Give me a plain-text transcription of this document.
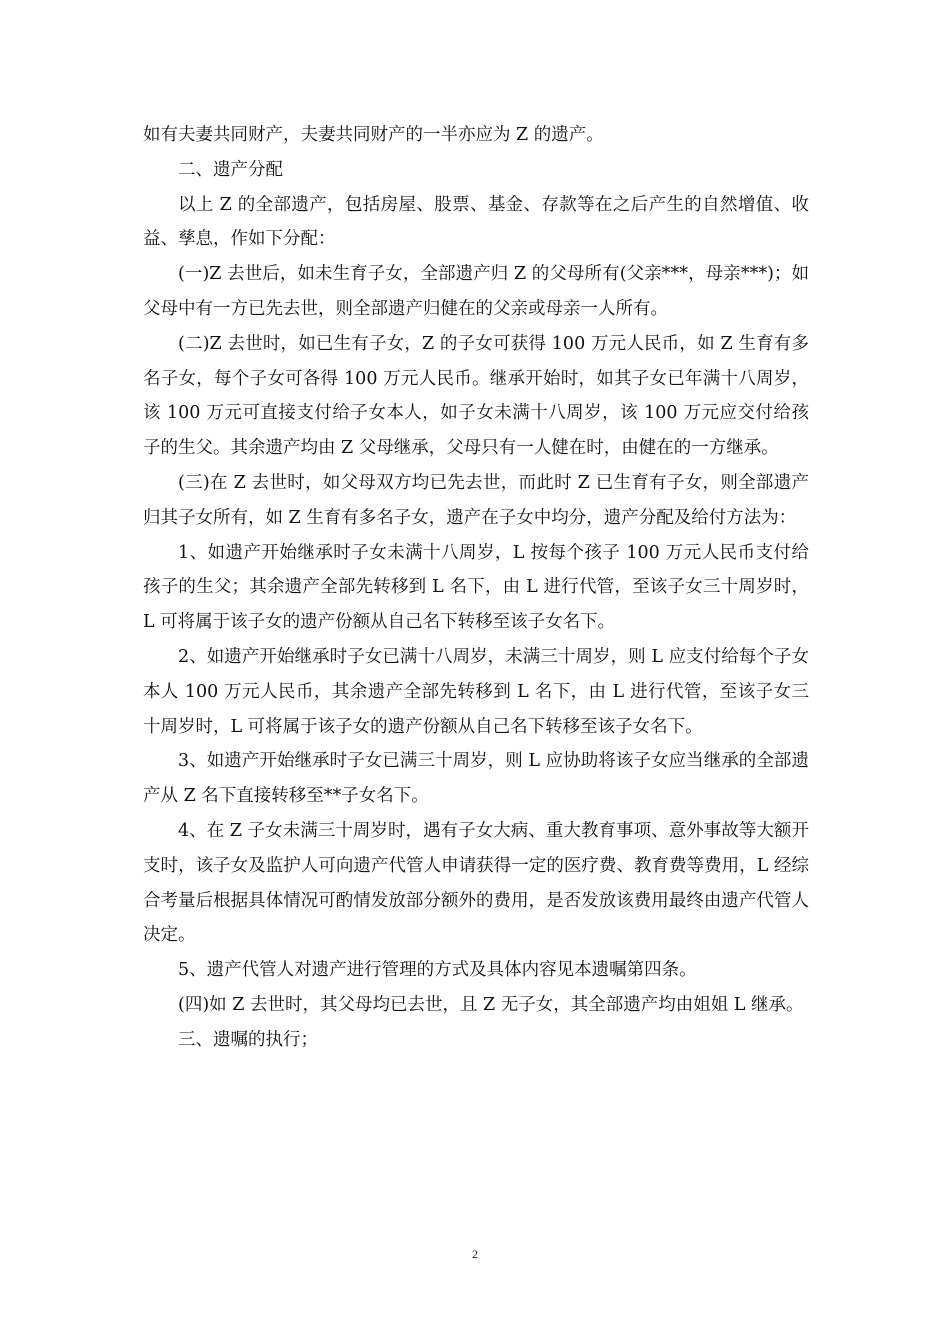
如有夫妻共同财产，夫妻共同财产的一半亦应为 Z 的遗产。

二、遗产分配

以上 Z 的全部遗产，包括房屋、股票、基金、存款等在之后产生的自然增值、收益、孳息，作如下分配：

(一)Z 去世后，如未生育子女，全部遗产归 Z 的父母所有(父亲***，母亲***)；如父母中有一方已先去世，则全部遗产归健在的父亲或母亲一人所有。

(二)Z 去世时，如已生有子女，Z 的子女可获得 100 万元人民币，如 Z 生育有多名子女，每个子女可各得 100 万元人民币。继承开始时，如其子女已年满十八周岁，该 100 万元可直接支付给子女本人，如子女未满十八周岁，该 100 万元应交付给孩子的生父。其余遗产均由 Z 父母继承，父母只有一人健在时，由健在的一方继承。

(三)在 Z 去世时，如父母双方均已先去世，而此时 Z 已生育有子女，则全部遗产归其子女所有，如 Z 生育有多名子女，遗产在子女中均分，遗产分配及给付方法为：

1、如遗产开始继承时子女未满十八周岁，L 按每个孩子 100 万元人民币支付给孩子的生父；其余遗产全部先转移到 L 名下，由 L 进行代管，至该子女三十周岁时，L 可将属于该子女的遗产份额从自己名下转移至该子女名下。

2、如遗产开始继承时子女已满十八周岁，未满三十周岁，则 L 应支付给每个子女本人 100 万元人民币，其余遗产全部先转移到 L 名下，由 L 进行代管，至该子女三十周岁时，L 可将属于该子女的遗产份额从自己名下转移至该子女名下。

3、如遗产开始继承时子女已满三十周岁，则 L 应协助将该子女应当继承的全部遗产从 Z 名下直接转移至**子女名下。

4、在 Z 子女未满三十周岁时，遇有子女大病、重大教育事项、意外事故等大额开支时，该子女及监护人可向遗产代管人申请获得一定的医疗费、教育费等费用，L 经综合考量后根据具体情况可酌情发放部分额外的费用，是否发放该费用最终由遗产代管人决定。

5、遗产代管人对遗产进行管理的方式及具体内容见本遗嘱第四条。

(四)如 Z 去世时，其父母均已去世，且 Z 无子女，其全部遗产均由姐姐 L 继承。

三、遗嘱的执行；

2
